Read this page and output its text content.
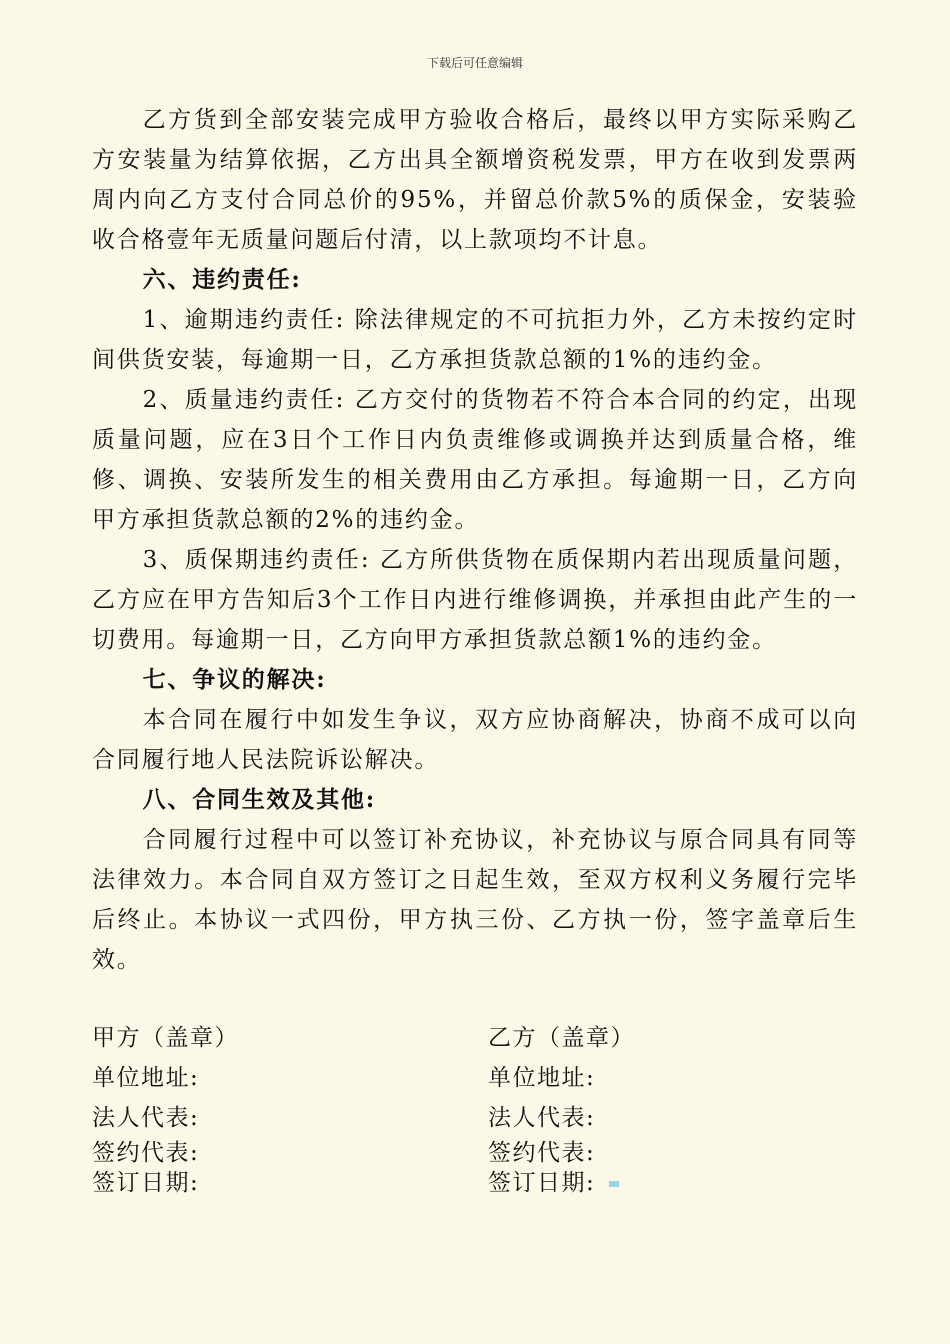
下载后可任意编辑

乙方货到全部安装完成甲方验收合格后，最终以甲方实际采购乙方安装量为结算依据，乙方出具全额增资税发票，甲方在收到发票两周内向乙方支付合同总价的95%，并留总价款5%的质保金，安装验收合格壹年无质量问题后付清，以上款项均不计息。

六、违约责任:

1、逾期违约责任: 除法律规定的不可抗拒力外，乙方未按约定时间供货安装，每逾期一日，乙方承担货款总额的1%的违约金。

2、质量违约责任: 乙方交付的货物若不符合本合同的约定，出现质量问题，应在3日个工作日内负责维修或调换并达到质量合格，维修、调换、安装所发生的相关费用由乙方承担。每逾期一日，乙方向甲方承担货款总额的2%的违约金。

3、质保期违约责任: 乙方所供货物在质保期内若出现质量问题，乙方应在甲方告知后3个工作日内进行维修调换，并承担由此产生的一切费用。每逾期一日，乙方向甲方承担货款总额1%的违约金。

七、争议的解决:

本合同在履行中如发生争议，双方应协商解决，协商不成可以向合同履行地人民法院诉讼解决。

八、合同生效及其他:

合同履行过程中可以签订补充协议，补充协议与原合同具有同等法律效力。本合同自双方签订之日起生效，至双方权利义务履行完毕后终止。本协议一式四份，甲方执三份、乙方执一份，签字盖章后生效。

甲方（盖章）
单位地址:
法人代表:
签约代表:
签订日期:
乙方（盖章）
单位地址:
法人代表:
签约代表:
签订日期:
